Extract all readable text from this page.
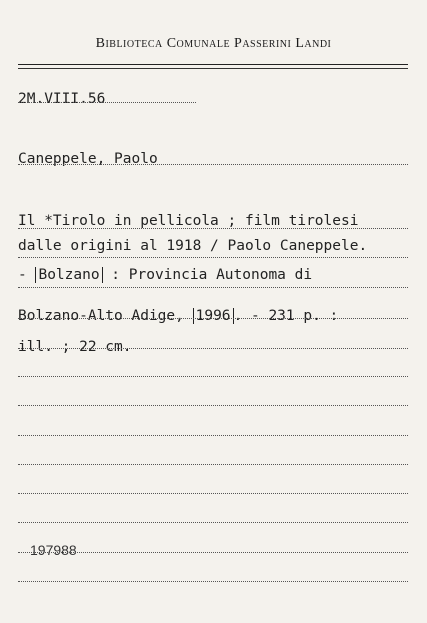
Biblioteca Comunale Passerini Landi
2M.VIII.56
Caneppele, Paolo
Il *Tirolo in pellicola ; film tirolesi
dalle origini al 1918 / Paolo Caneppele.
- Bolzano : Provincia Autonoma di
Bolzano-Alto Adige, 1996 . - 231 p. :
ill. ; 22 cm.
197988
